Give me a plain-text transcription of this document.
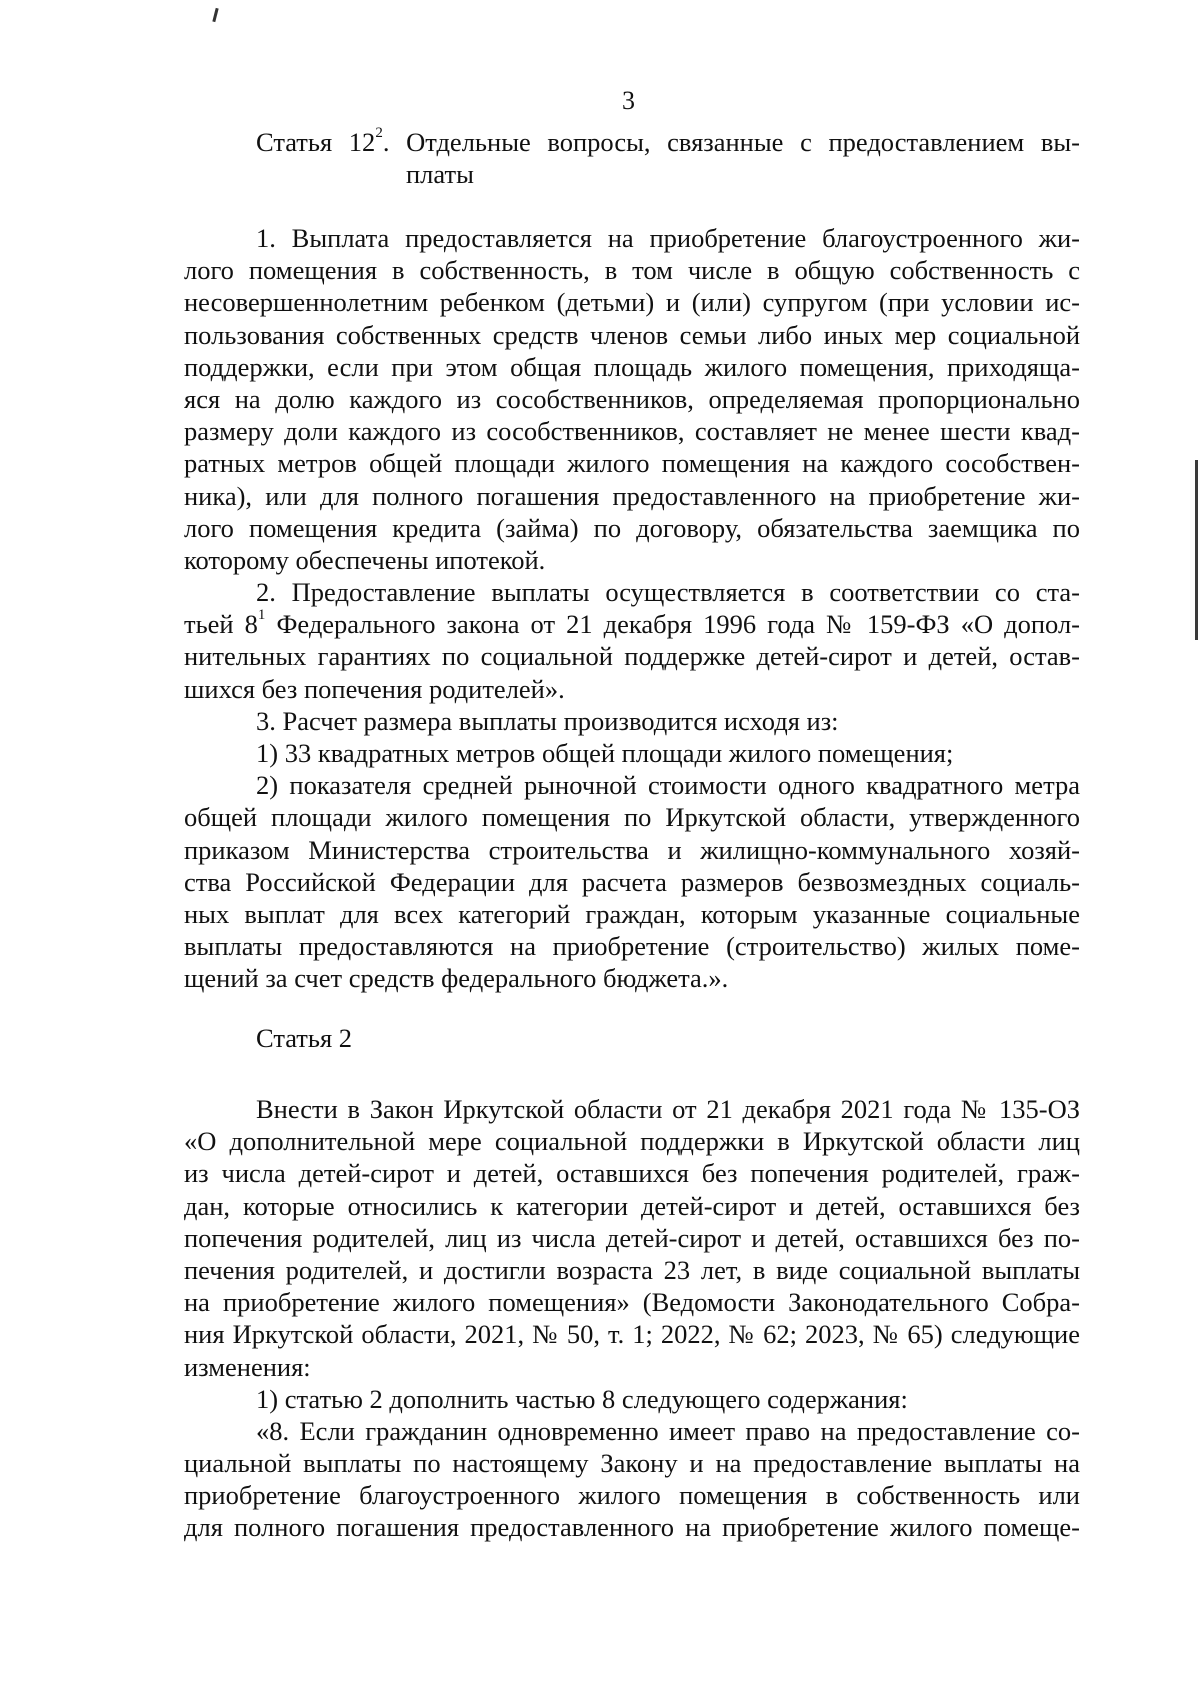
3
Статья $12^2$. Отдельные вопросы, связанные с предоставлением вы-
платы
1. Выплата предоставляется на приобретение благоустроенного жи-
лого помещения в собственность, в том числе в общую собственность с
несовершеннолетним ребенком (детьми) и (или) супругом (при условии ис-
пользования собственных средств членов семьи либо иных мер социальной
поддержки, если при этом общая площадь жилого помещения, приходяща-
яся на долю каждого из сособственников, определяемая пропорционально
размеру доли каждого из сособственников, составляет не менее шести квад-
ратных метров общей площади жилого помещения на каждого сособствен-
ника), или для полного погашения предоставленного на приобретение жи-
лого помещения кредита (займа) по договору, обязательства заемщика по
которому обеспечены ипотекой.
2. Предоставление выплаты осуществляется в соответствии со ста-
тьей $8^1$ Федерального закона от 21 декабря 1996 года № 159-ФЗ «О допол-
нительных гарантиях по социальной поддержке детей-сирот и детей, остав-
шихся без попечения родителей».
3. Расчет размера выплаты производится исходя из:
1) 33 квадратных метров общей площади жилого помещения;
2) показателя средней рыночной стоимости одного квадратного метра
общей площади жилого помещения по Иркутской области, утвержденного
приказом Министерства строительства и жилищно-коммунального хозяй-
ства Российской Федерации для расчета размеров безвозмездных социаль-
ных выплат для всех категорий граждан, которым указанные социальные
выплаты предоставляются на приобретение (строительство) жилых поме-
щений за счет средств федерального бюджета.».
Статья 2
Внести в Закон Иркутской области от 21 декабря 2021 года № 135-ОЗ
«О дополнительной мере социальной поддержки в Иркутской области лиц
из числа детей-сирот и детей, оставшихся без попечения родителей, граж-
дан, которые относились к категории детей-сирот и детей, оставшихся без
попечения родителей, лиц из числа детей-сирот и детей, оставшихся без по-
печения родителей, и достигли возраста 23 лет, в виде социальной выплаты
на приобретение жилого помещения» (Ведомости Законодательного Собра-
ния Иркутской области, 2021, № 50, т. 1; 2022, № 62; 2023, № 65) следующие
изменения:
1) статью 2 дополнить частью 8 следующего содержания:
«8. Если гражданин одновременно имеет право на предоставление со-
циальной выплаты по настоящему Закону и на предоставление выплаты на
приобретение благоустроенного жилого помещения в собственность или
для полного погашения предоставленного на приобретение жилого помеще-
